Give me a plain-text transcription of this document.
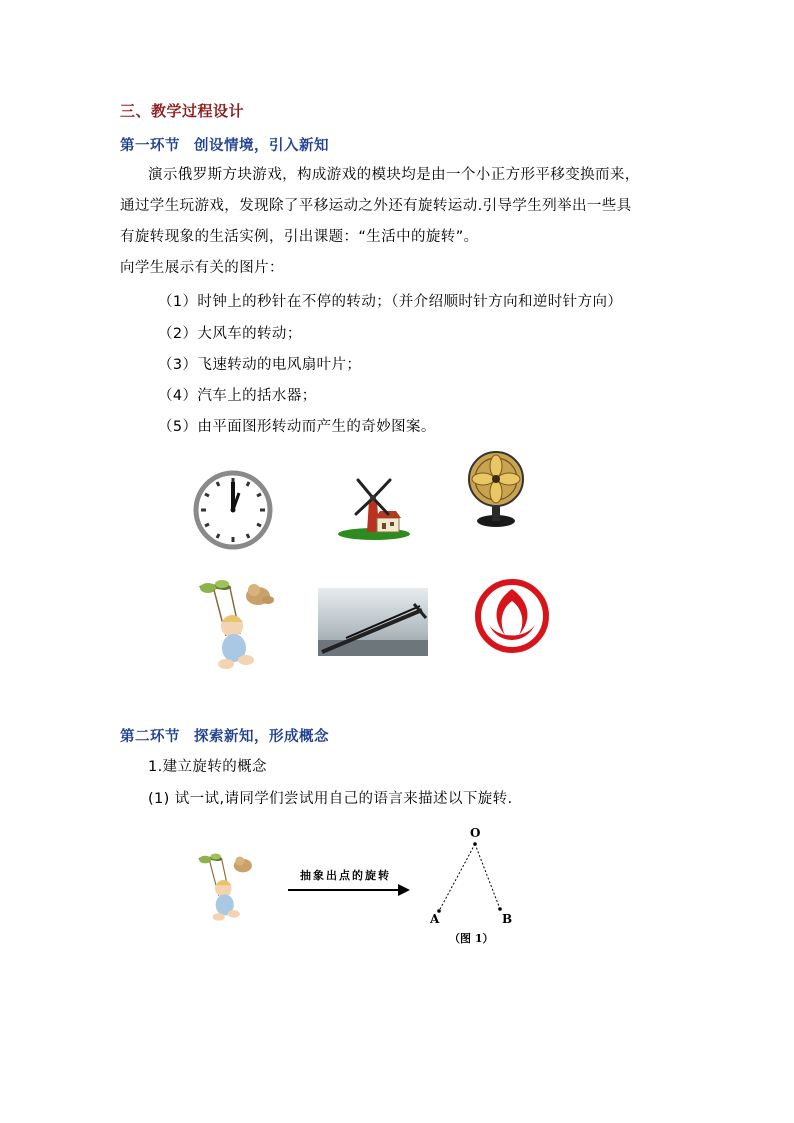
三、教学过程设计
第一环节 创设情境，引入新知
演示俄罗斯方块游戏，构成游戏的模块均是由一个小正方形平移变换而来，
通过学生玩游戏，发现除了平移运动之外还有旋转运动.引导学生列举出一些具
有旋转现象的生活实例，引出课题：“生活中的旋转”。
向学生展示有关的图片：
（1）时钟上的秒针在不停的转动；（并介绍顺时针方向和逆时针方向）
（2）大风车的转动；
（3）飞速转动的电风扇叶片；
（4）汽车上的括水器；
（5）由平面图形转动而产生的奇妙图案。
第二环节 探索新知，形成概念
1.建立旋转的概念
(1) 试一试,请同学们尝试用自己的语言来描述以下旋转.
抽象出点的旋转
O
A	B
（图 1）
